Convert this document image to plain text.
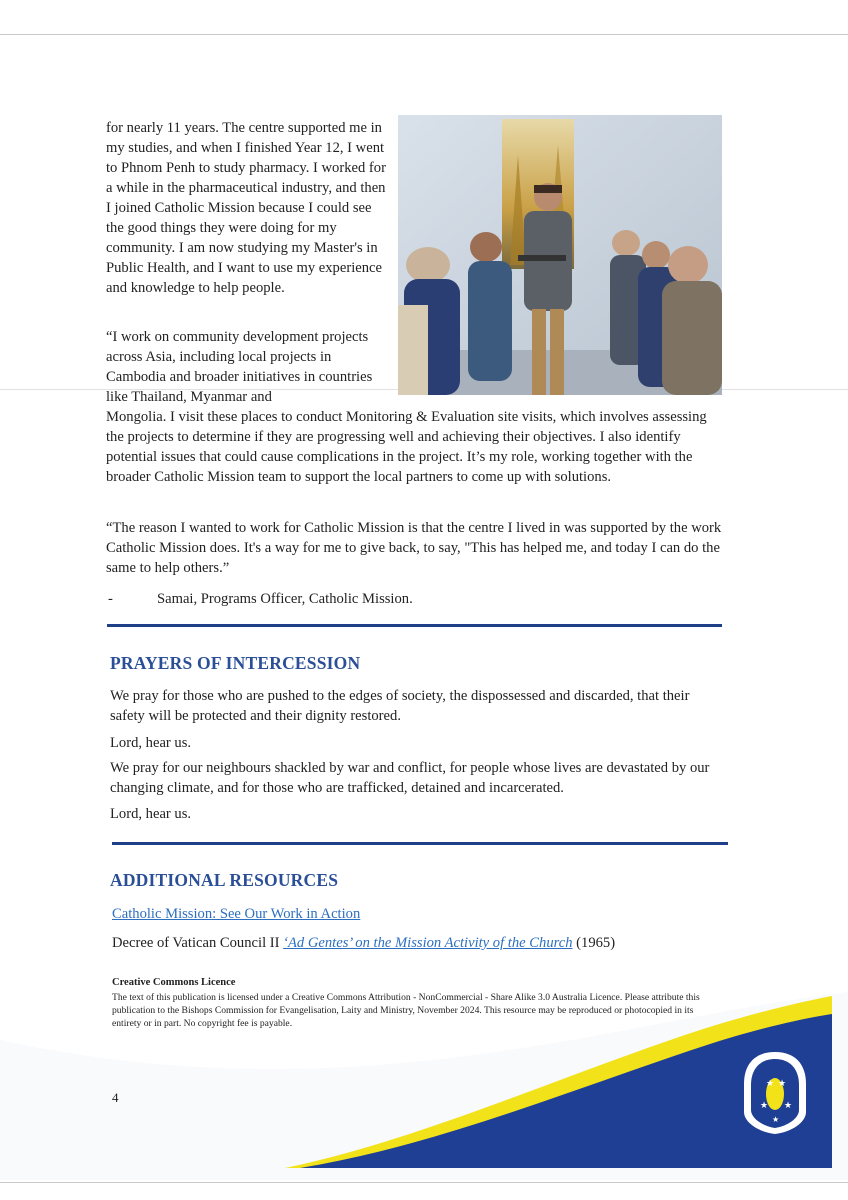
for nearly 11 years. The centre supported me in my studies, and when I finished Year 12, I went to Phnom Penh to study pharmacy. I worked for a while in the pharmaceutical industry, and then I joined Catholic Mission because I could see the good things they were doing for my community. I am now studying my Master's in Public Health, and I want to use my experience and knowledge to help people.

“I work on community development projects across Asia, including local projects in Cambodia and broader initiatives in countries like Thailand, Myanmar and

Mongolia. I visit these places to conduct Monitoring & Evaluation site visits, which involves assessing the projects to determine if they are progressing well and achieving their objectives. I also identify potential issues that could cause complications in the project. It’s my role, working together with the broader Catholic Mission team to support the local partners to come up with solutions.

“The reason I wanted to work for Catholic Mission is that the centre I lived in was supported by the work Catholic Mission does. It's a way for me to give back, to say, "This has helped me, and today I can do the same to help others.”

-	Samai, Programs Officer, Catholic Mission.
PRAYERS OF INTERCESSION

We pray for those who are pushed to the edges of society, the dispossessed and discarded, that their safety will be protected and their dignity restored.

Lord, hear us.

We pray for our neighbours shackled by war and conflict, for people whose lives are devastated by our changing climate, and for those who are trafficked, detained and incarcerated.

Lord, hear us.

ADDITIONAL RESOURCES
Catholic Mission: See Our Work in Action

Decree of Vatican Council II ‘Ad Gentes’ on the Mission Activity of the Church (1965)

★ ★
★ ★
★

Creative Commons Licence

The text of this publication is licensed under a Creative Commons Attribution - NonCommercial - Share Alike 3.0 Australia Licence. Please attribute this publication to the Bishops Commission for Evangelisation, Laity and Ministry, November 2024. This resource may be reproduced or photocopied in its entirety or in part. No copyright fee is payable.

4
